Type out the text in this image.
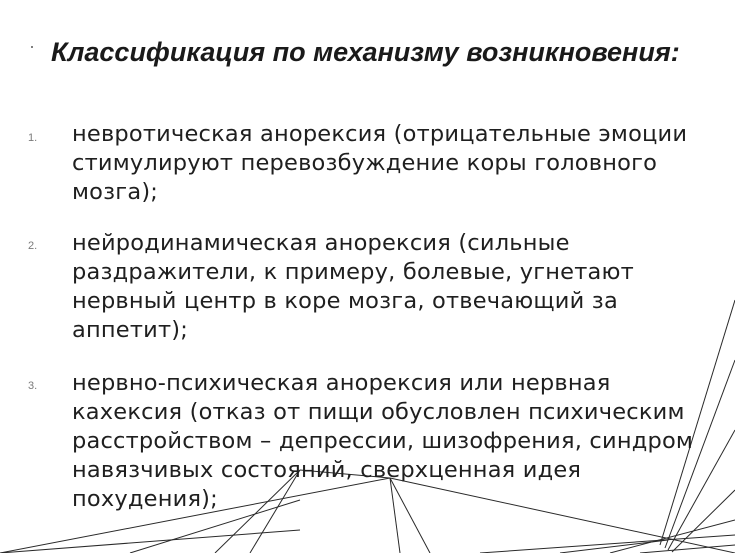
· Классификация по механизму возникновения:
1. невротическая анорексия (отрицательные эмоции стимулируют перевозбуждение коры головного мозга);

2. нейродинамическая анорексия (сильные раздражители, к примеру, болевые, угнетают нервный центр в коре мозга, отвечающий за аппетит);

3. нервно-психическая анорексия или нервная кахексия (отказ от пищи обусловлен психическим расстройством – депрессии, шизофрения, синдром навязчивых состояний, сверхценная идея похудения);
